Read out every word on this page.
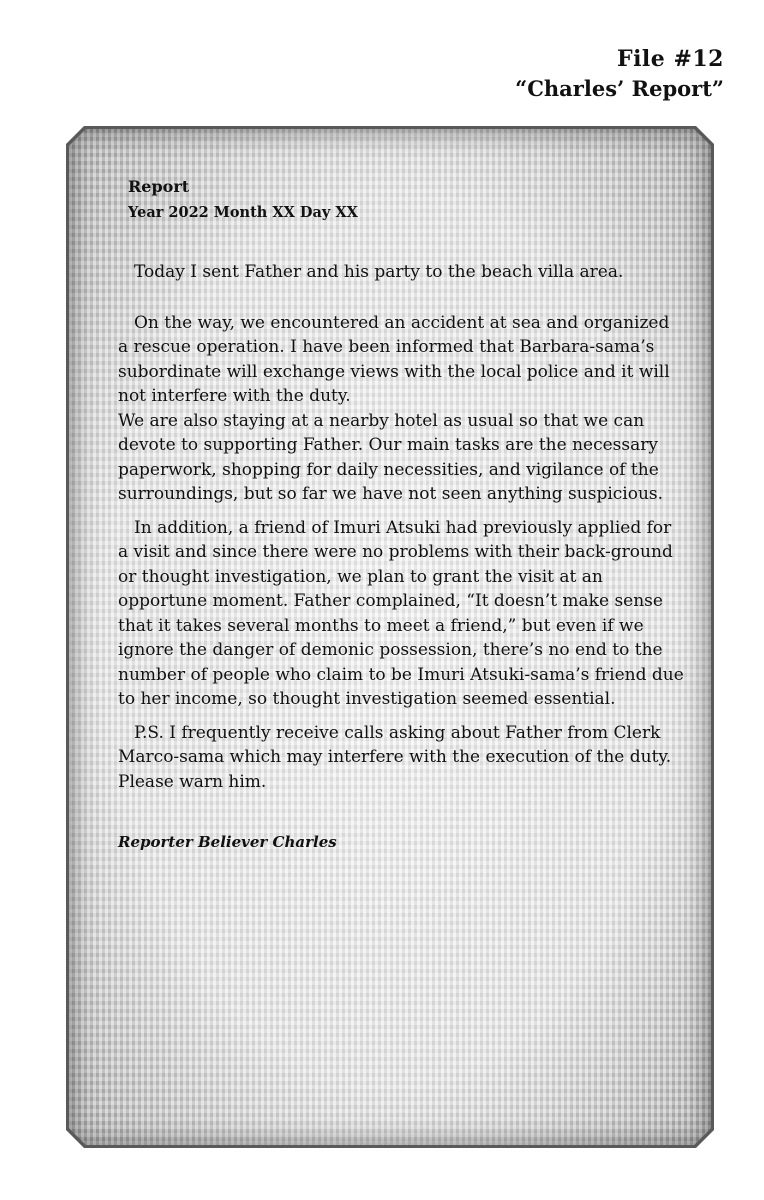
File #12
“Charles’ Report”
Report
Year 2022 Month XX Day XX

Today I sent Father and his party to the beach villa area.

On the way, we encountered an accident at sea and organized a rescue operation. I have been informed that Barbara-sama’s subordinate will exchange views with the local police and it will not interfere with the duty.

We are also staying at a nearby hotel as usual so that we can devote to supporting Father. Our main tasks are the necessary paperwork, shopping for daily necessities, and vigilance of the surroundings, but so far we have not seen anything suspicious.

In addition, a friend of Imuri Atsuki had previously applied for a visit and since there were no problems with their back-ground or thought investigation, we plan to grant the visit at an opportune moment. Father complained, “It doesn’t make sense that it takes several months to meet a friend,” but even if we ignore the danger of demonic possession, there’s no end to the number of people who claim to be Imuri Atsuki-sama’s friend due to her income, so thought investigation seemed essential.

P.S. I frequently receive calls asking about Father from Clerk Marco-sama which may interfere with the execution of the duty. Please warn him.

Reporter Believer Charles
